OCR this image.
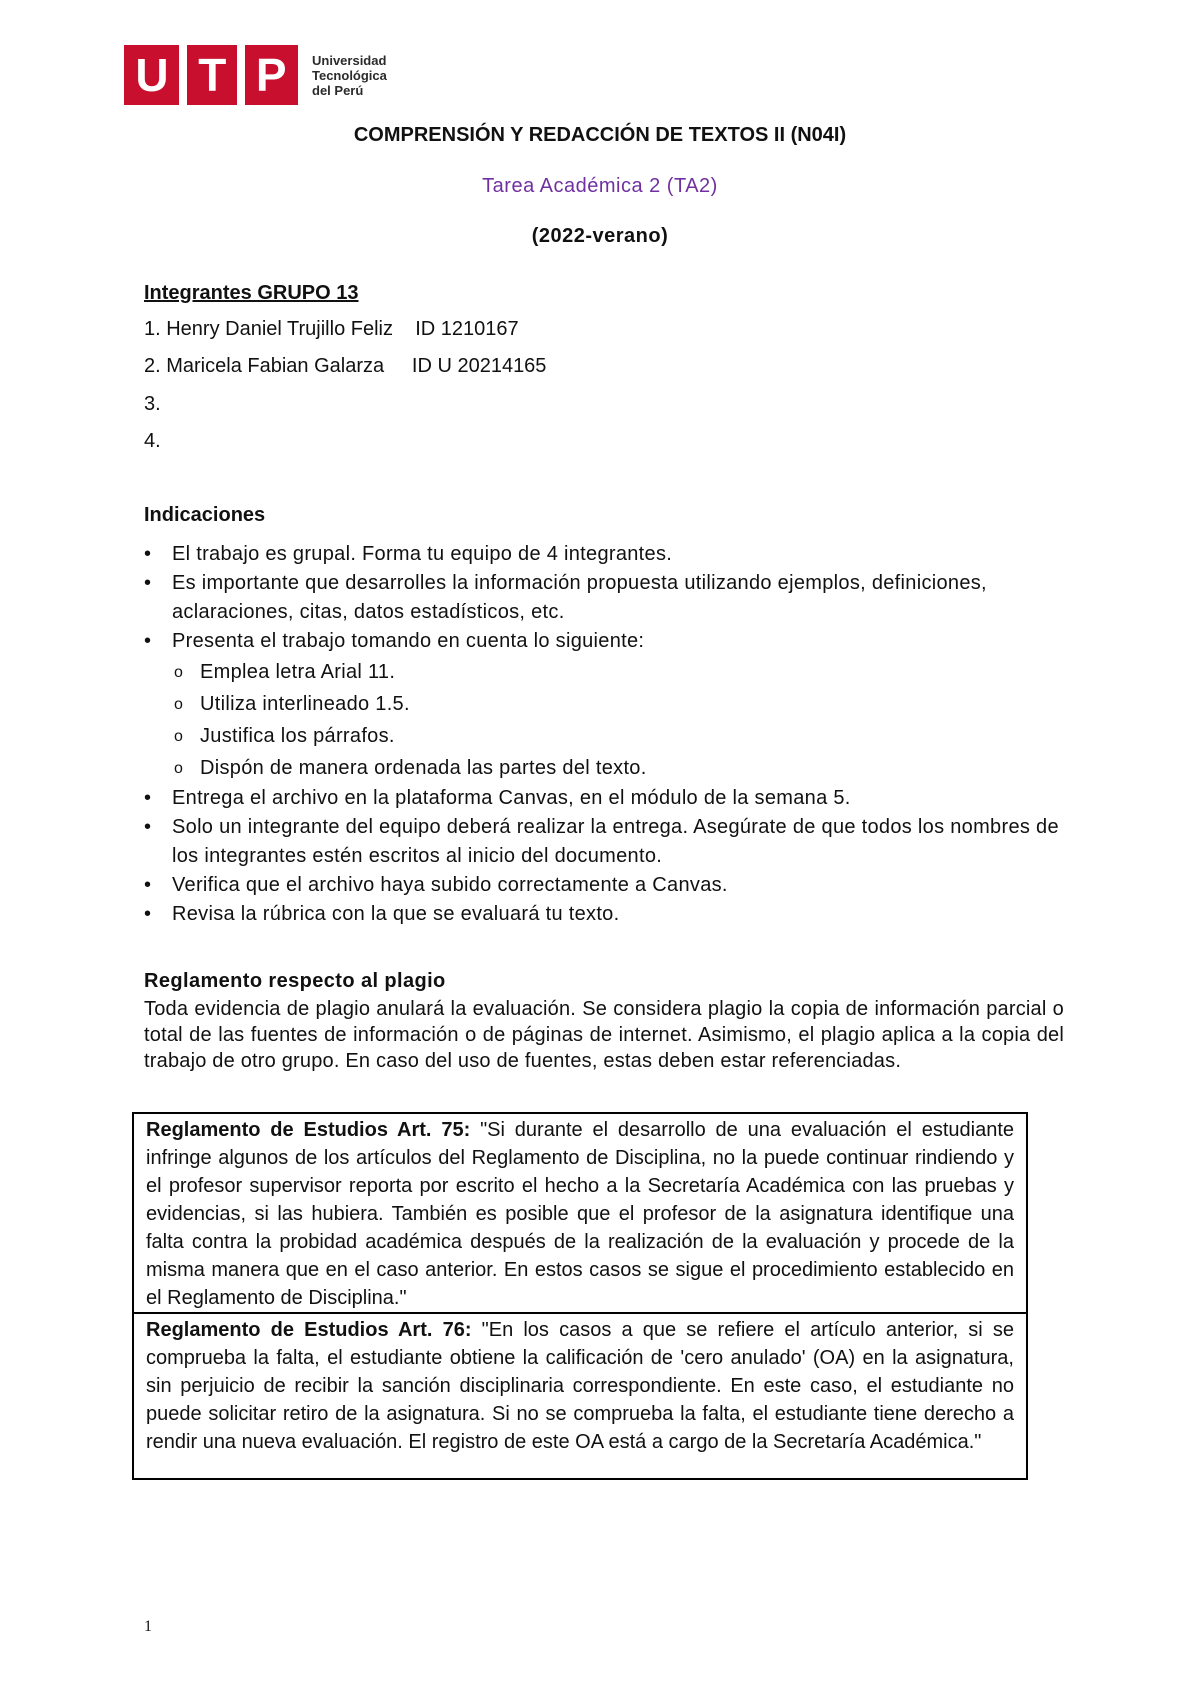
U T P Universidad
Tecnológica
del Perú
COMPRENSIÓN Y REDACCIÓN DE TEXTOS II (N04I)
Tarea Académica 2 (TA2)
(2022-verano)
Integrantes GRUPO 13
1. Henry Daniel Trujillo Feliz    ID 1210167
2. Maricela Fabian Galarza     ID U 20214165
3.
4.
Indicaciones
• El trabajo es grupal. Forma tu equipo de 4 integrantes.
• Es importante que desarrolles la información propuesta utilizando ejemplos, definiciones, aclaraciones, citas, datos estadísticos, etc.
• Presenta el trabajo tomando en cuenta lo siguiente:
o Emplea letra Arial 11.
o Utiliza interlineado 1.5.
o Justifica los párrafos.
o Dispón de manera ordenada las partes del texto.
• Entrega el archivo en la plataforma Canvas, en el módulo de la semana 5.
• Solo un integrante del equipo deberá realizar la entrega. Asegúrate de que todos los nombres de los integrantes estén escritos al inicio del documento.
• Verifica que el archivo haya subido correctamente a Canvas.
• Revisa la rúbrica con la que se evaluará tu texto.
Reglamento respecto al plagio
Toda evidencia de plagio anulará la evaluación. Se considera plagio la copia de información parcial o total de las fuentes de información o de páginas de internet. Asimismo, el plagio aplica a la copia del trabajo de otro grupo. En caso del uso de fuentes, estas deben estar referenciadas.
Reglamento de Estudios Art. 75: "Si durante el desarrollo de una evaluación el estudiante infringe algunos de los artículos del Reglamento de Disciplina, no la puede continuar rindiendo y el profesor supervisor reporta por escrito el hecho a la Secretaría Académica con las pruebas y evidencias, si las hubiera. También es posible que el profesor de la asignatura identifique una falta contra la probidad académica después de la realización de la evaluación y procede de la misma manera que en el caso anterior. En estos casos se sigue el procedimiento establecido en el Reglamento de Disciplina."
Reglamento de Estudios Art. 76: "En los casos a que se refiere el artículo anterior, si se comprueba la falta, el estudiante obtiene la calificación de 'cero anulado' (OA) en la asignatura, sin perjuicio de recibir la sanción disciplinaria correspondiente. En este caso, el estudiante no puede solicitar retiro de la asignatura. Si no se comprueba la falta, el estudiante tiene derecho a rendir una nueva evaluación. El registro de este OA está a cargo de la Secretaría Académica."
1
